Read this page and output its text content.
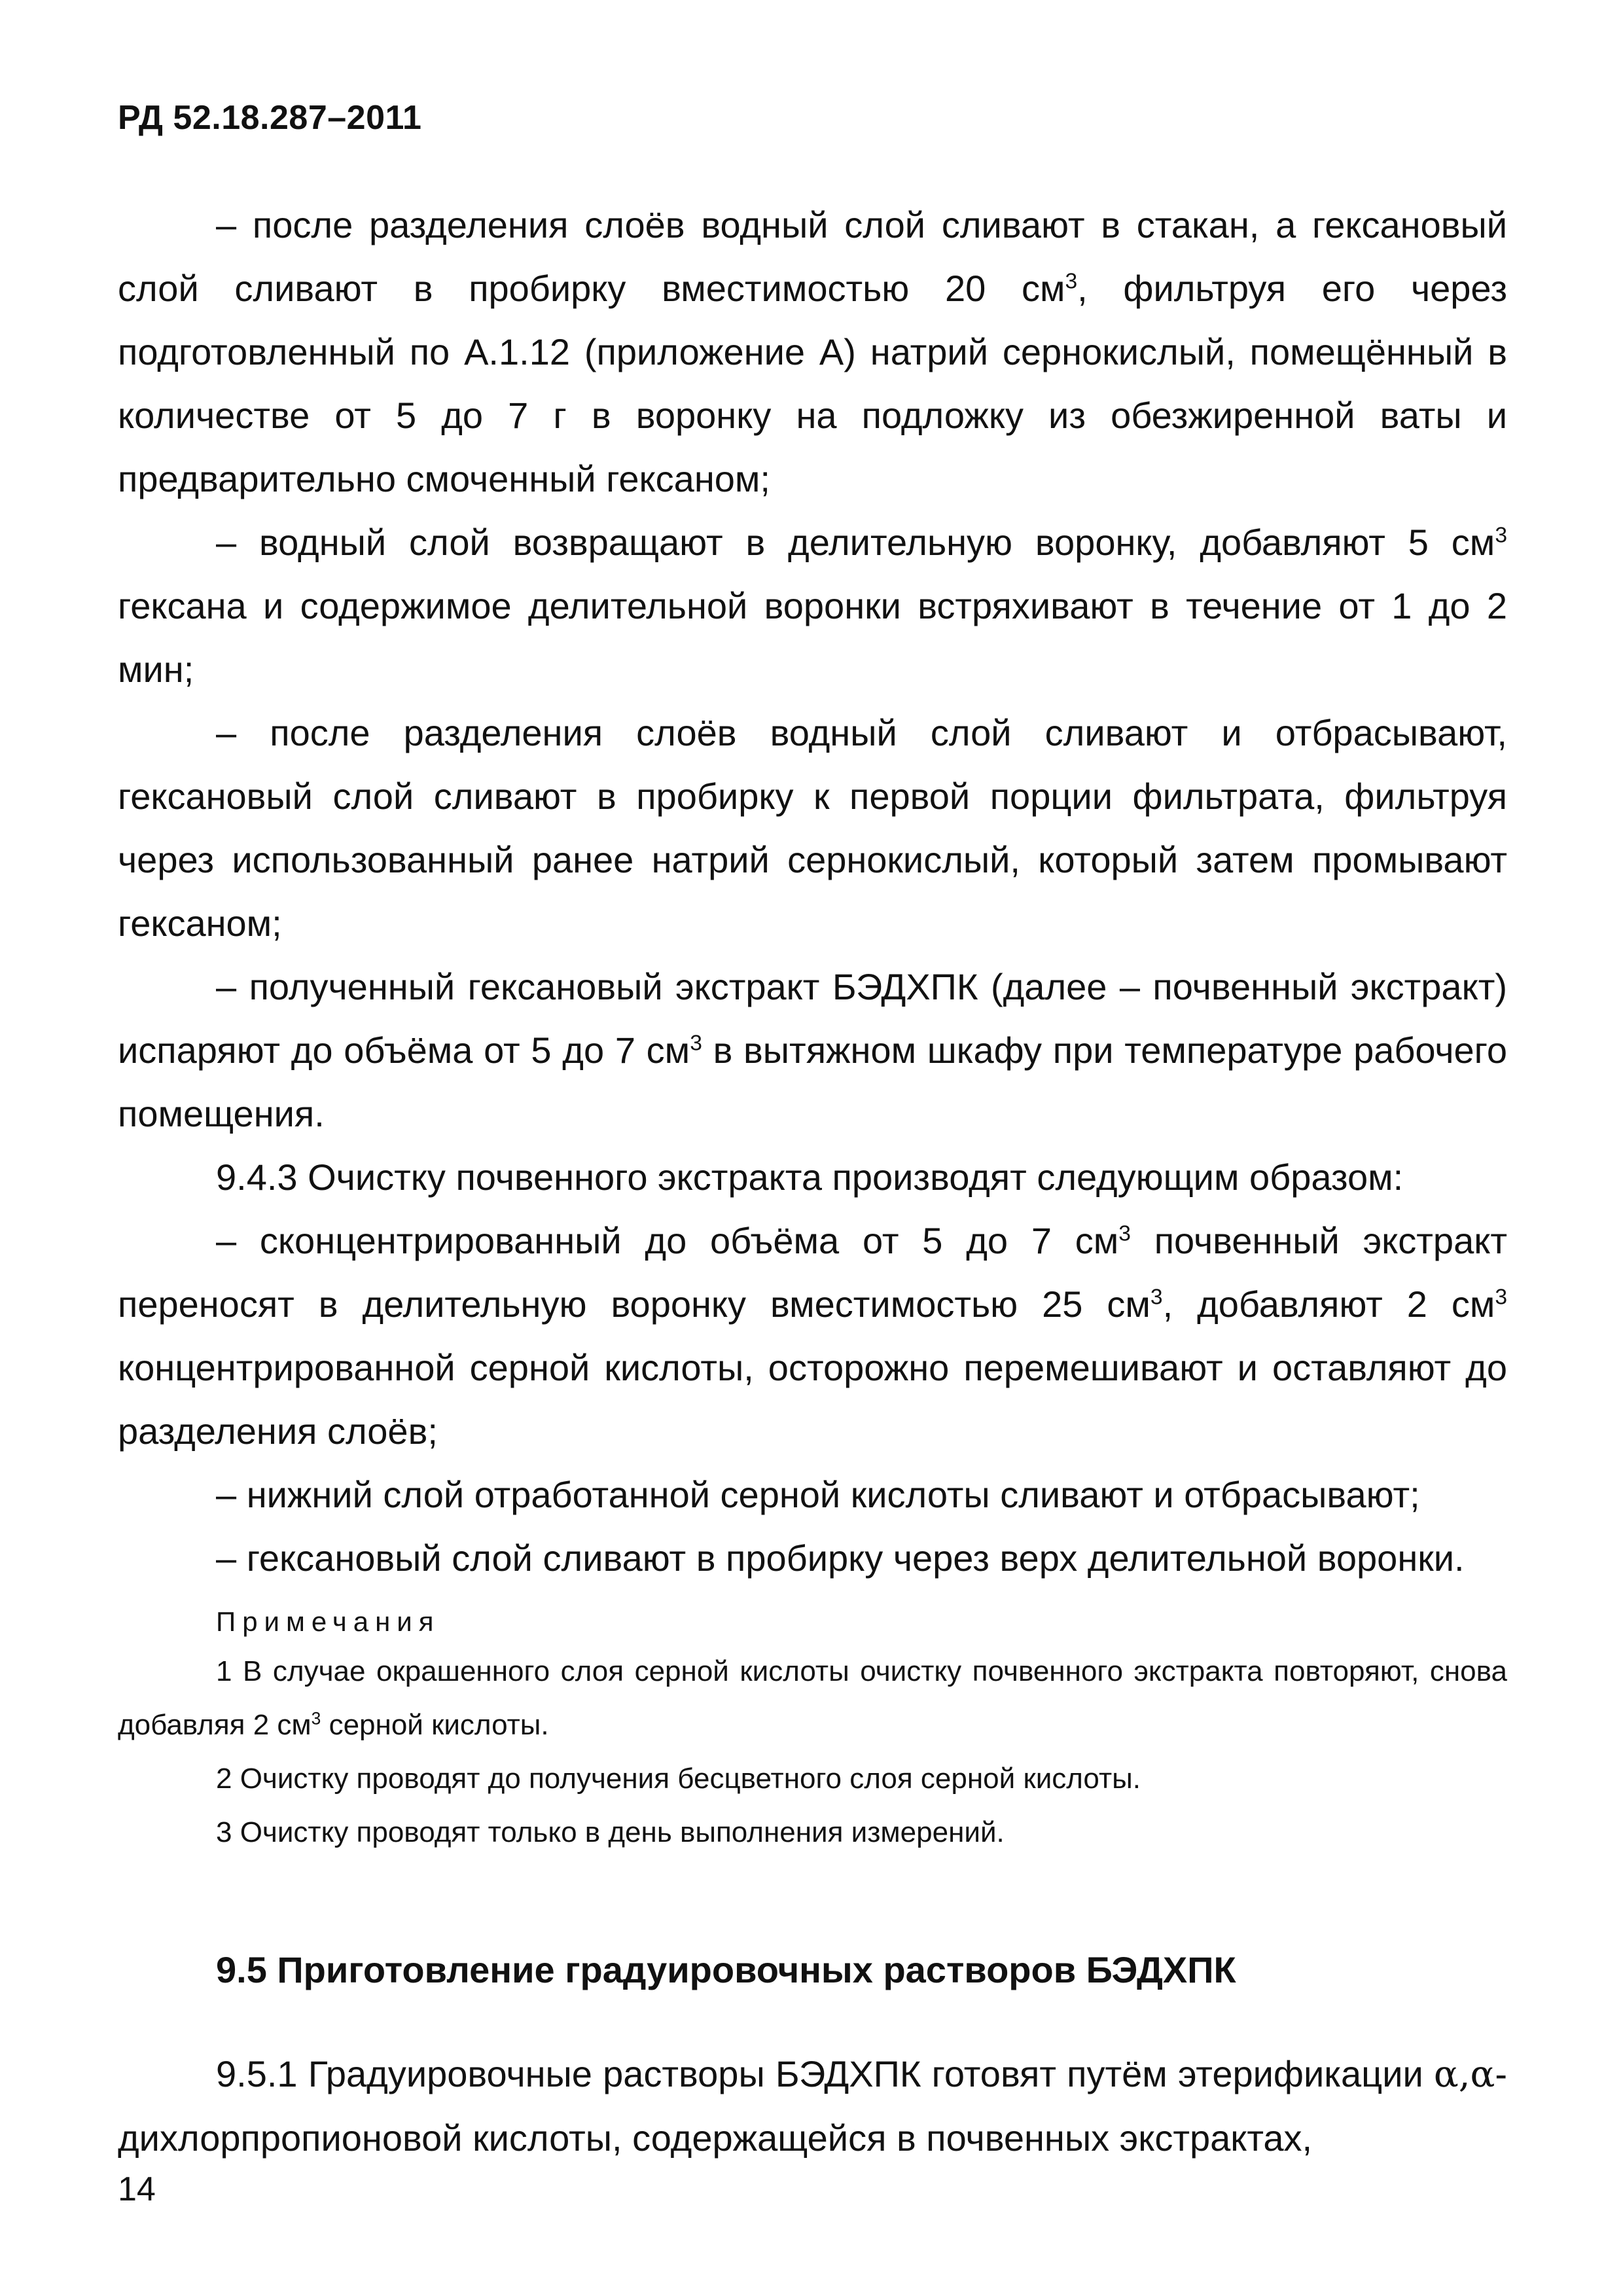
РД 52.18.287–2011

– после разделения слоёв водный слой сливают в стакан, а гексановый слой сливают в пробирку вместимостью 20 $см^3$, фильтруя его через подготовленный по А.1.12 (приложение А) натрий сернокислый, помещённый в количестве от 5 до 7 г в воронку на подложку из обезжиренной ваты и предварительно смоченный гексаном;

– водный слой возвращают в делительную воронку, добавляют 5 $см^3$ гексана и содержимое делительной воронки встряхивают в течение от 1 до 2 мин;

– после разделения слоёв водный слой сливают и отбрасывают, гексановый слой сливают в пробирку к первой порции фильтрата, фильтруя через использованный ранее натрий сернокислый, который затем промывают гексаном;

– полученный гексановый экстракт БЭДХПК (далее – почвенный экстракт) испаряют до объёма от 5 до 7 $см^3$ в вытяжном шкафу при температуре рабочего помещения.

9.4.3 Очистку почвенного экстракта производят следующим образом:

– сконцентрированный до объёма от 5 до 7 $см^3$ почвенный экстракт переносят в делительную воронку вместимостью 25 $см^3$, добавляют 2 $см^3$ концентрированной серной кислоты, осторожно перемешивают и оставляют до разделения слоёв;

– нижний слой отработанной серной кислоты сливают и отбрасывают;

– гексановый слой сливают в пробирку через верх делительной воронки.

Примечания

1 В случае окрашенного слоя серной кислоты очистку почвенного экстракта повторяют, снова добавляя 2 $см^3$ серной кислоты.

2 Очистку проводят до получения бесцветного слоя серной кислоты.

3 Очистку проводят только в день выполнения измерений.

9.5 Приготовление градуировочных растворов БЭДХПК

9.5.1 Градуировочные растворы БЭДХПК готовят путём этерификации α,α-дихлорпропионовой кислоты, содержащейся в почвенных экстрактах,

14
